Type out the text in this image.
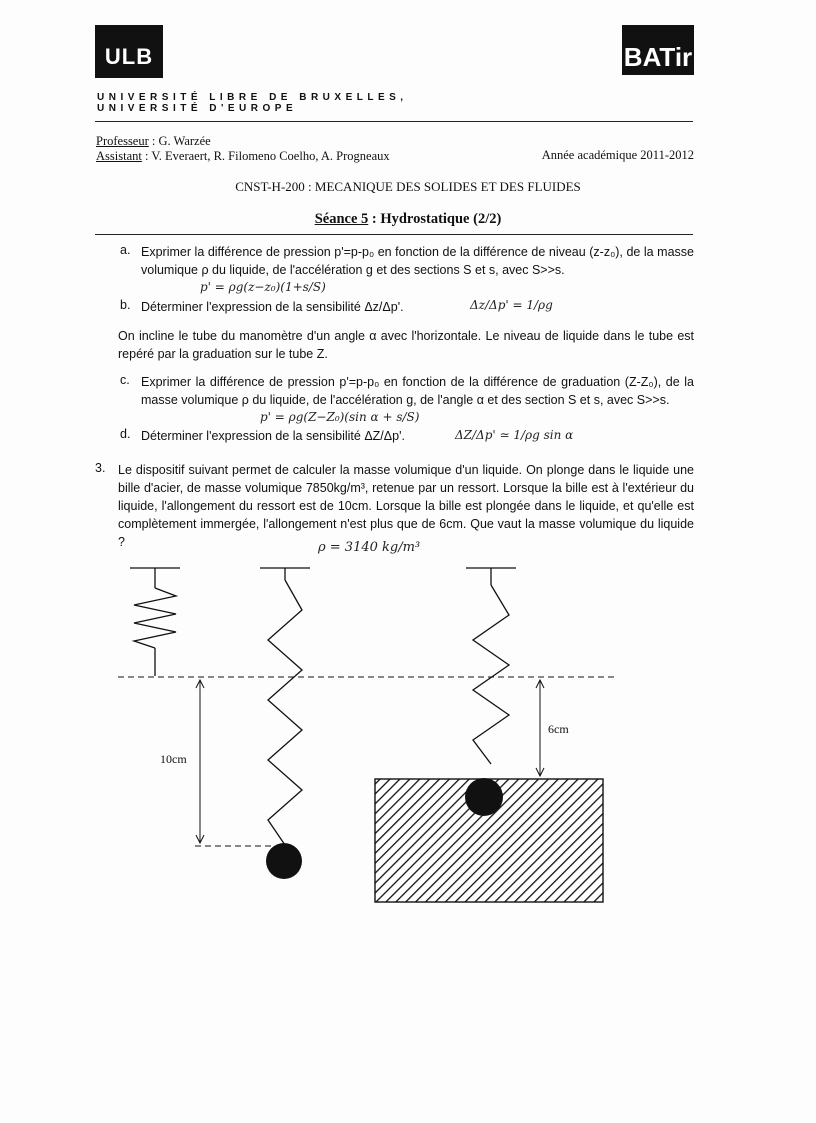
ULB	BATir
UNIVERSITÉ LIBRE DE BRUXELLES,
UNIVERSITÉ D'EUROPE
Professeur : G. Warzée
Assistant : V. Everaert, R. Filomeno Coelho, A. Progneaux	Année académique 2011-2012
CNST-H-200 : MECANIQUE DES SOLIDES ET DES FLUIDES
Séance 5 : Hydrostatique (2/2)
a. Exprimer la différence de pression p'=p-p₀ en fonction de la différence de niveau (z-z₀), de la masse volumique ρ du liquide, de l'accélération g et des sections S et s, avec S>>s.
p' = ρg(z−z₀)(1+s/S)
b. Déterminer l'expression de la sensibilité Δz/Δp'.	Δz/Δp' = 1/ρg
On incline le tube du manomètre d'un angle α avec l'horizontale. Le niveau de liquide dans le tube est repéré par la graduation sur le tube Z.
c. Exprimer la différence de pression p'=p-p₀ en fonction de la différence de graduation (Z-Z₀), de la masse volumique ρ du liquide, de l'accélération g, de l'angle α et des section S et s, avec S>>s.
p' = ρg(Z−Z₀)(sin α + s/S)
d. Déterminer l'expression de la sensibilité ΔZ/Δp'.	ΔZ/Δp' ≃ 1/ρg sin α
3. Le dispositif suivant permet de calculer la masse volumique d'un liquide. On plonge dans le liquide une bille d'acier, de masse volumique 7850kg/m³, retenue par un ressort. Lorsque la bille est à l'extérieur du liquide, l'allongement du ressort est de 10cm. Lorsque la bille est plongée dans le liquide, et qu'elle est complètement immergée, l'allongement n'est plus que de 6cm. Que vaut la masse volumique du liquide ?	ρ = 3140 kg/m³
10cm
6cm
